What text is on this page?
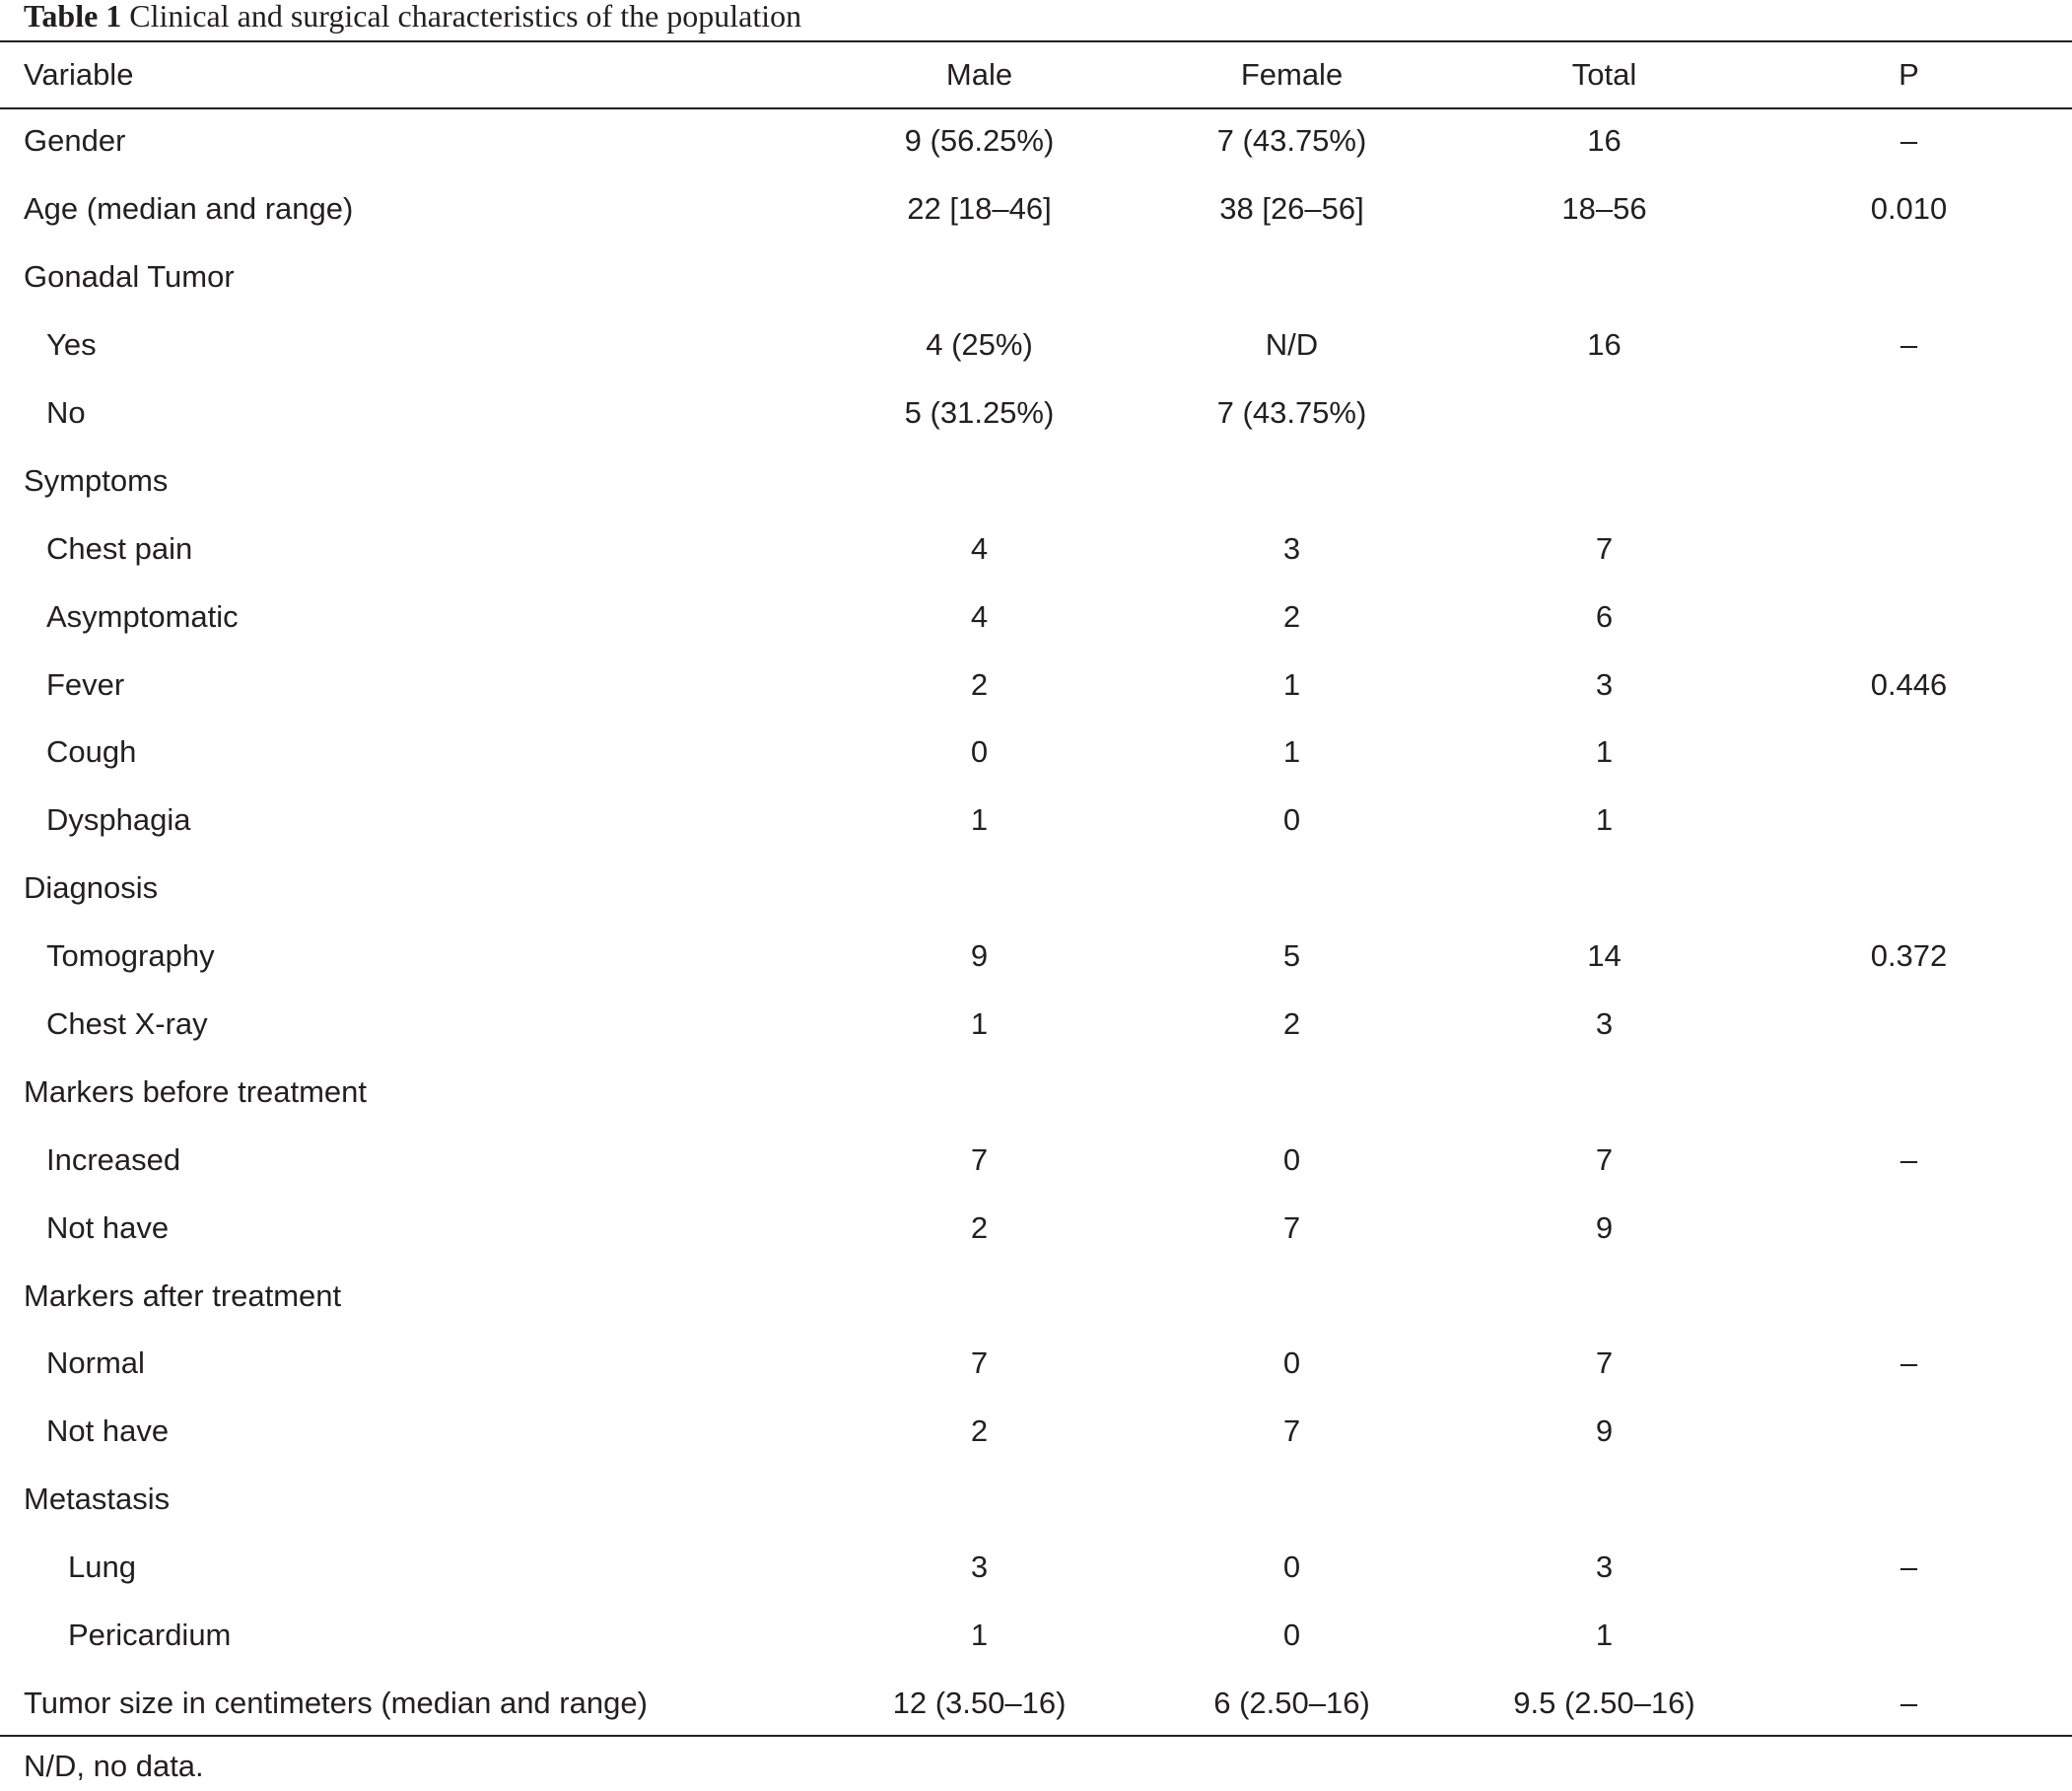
Table 1 Clinical and surgical characteristics of the population
Variable	Male	Female	Total	P
Gender	9 (56.25%)	7 (43.75%)	16	–
Age (median and range)	22 [18–46]	38 [26–56]	18–56	0.010
Gonadal Tumor				
Yes	4 (25%)	N/D	16	–
No	5 (31.25%)	7 (43.75%)		
Symptoms				
Chest pain	4	3	7	
Asymptomatic	4	2	6	
Fever	2	1	3	0.446
Cough	0	1	1	
Dysphagia	1	0	1	
Diagnosis				
Tomography	9	5	14	0.372
Chest X-ray	1	2	3	
Markers before treatment				
Increased	7	0	7	–
Not have	2	7	9	
Markers after treatment				
Normal	7	0	7	–
Not have	2	7	9	
Metastasis				
Lung	3	0	3	–
Pericardium	1	0	1	
Tumor size in centimeters (median and range)	12 (3.50–16)	6 (2.50–16)	9.5 (2.50–16)	–
N/D, no data.
